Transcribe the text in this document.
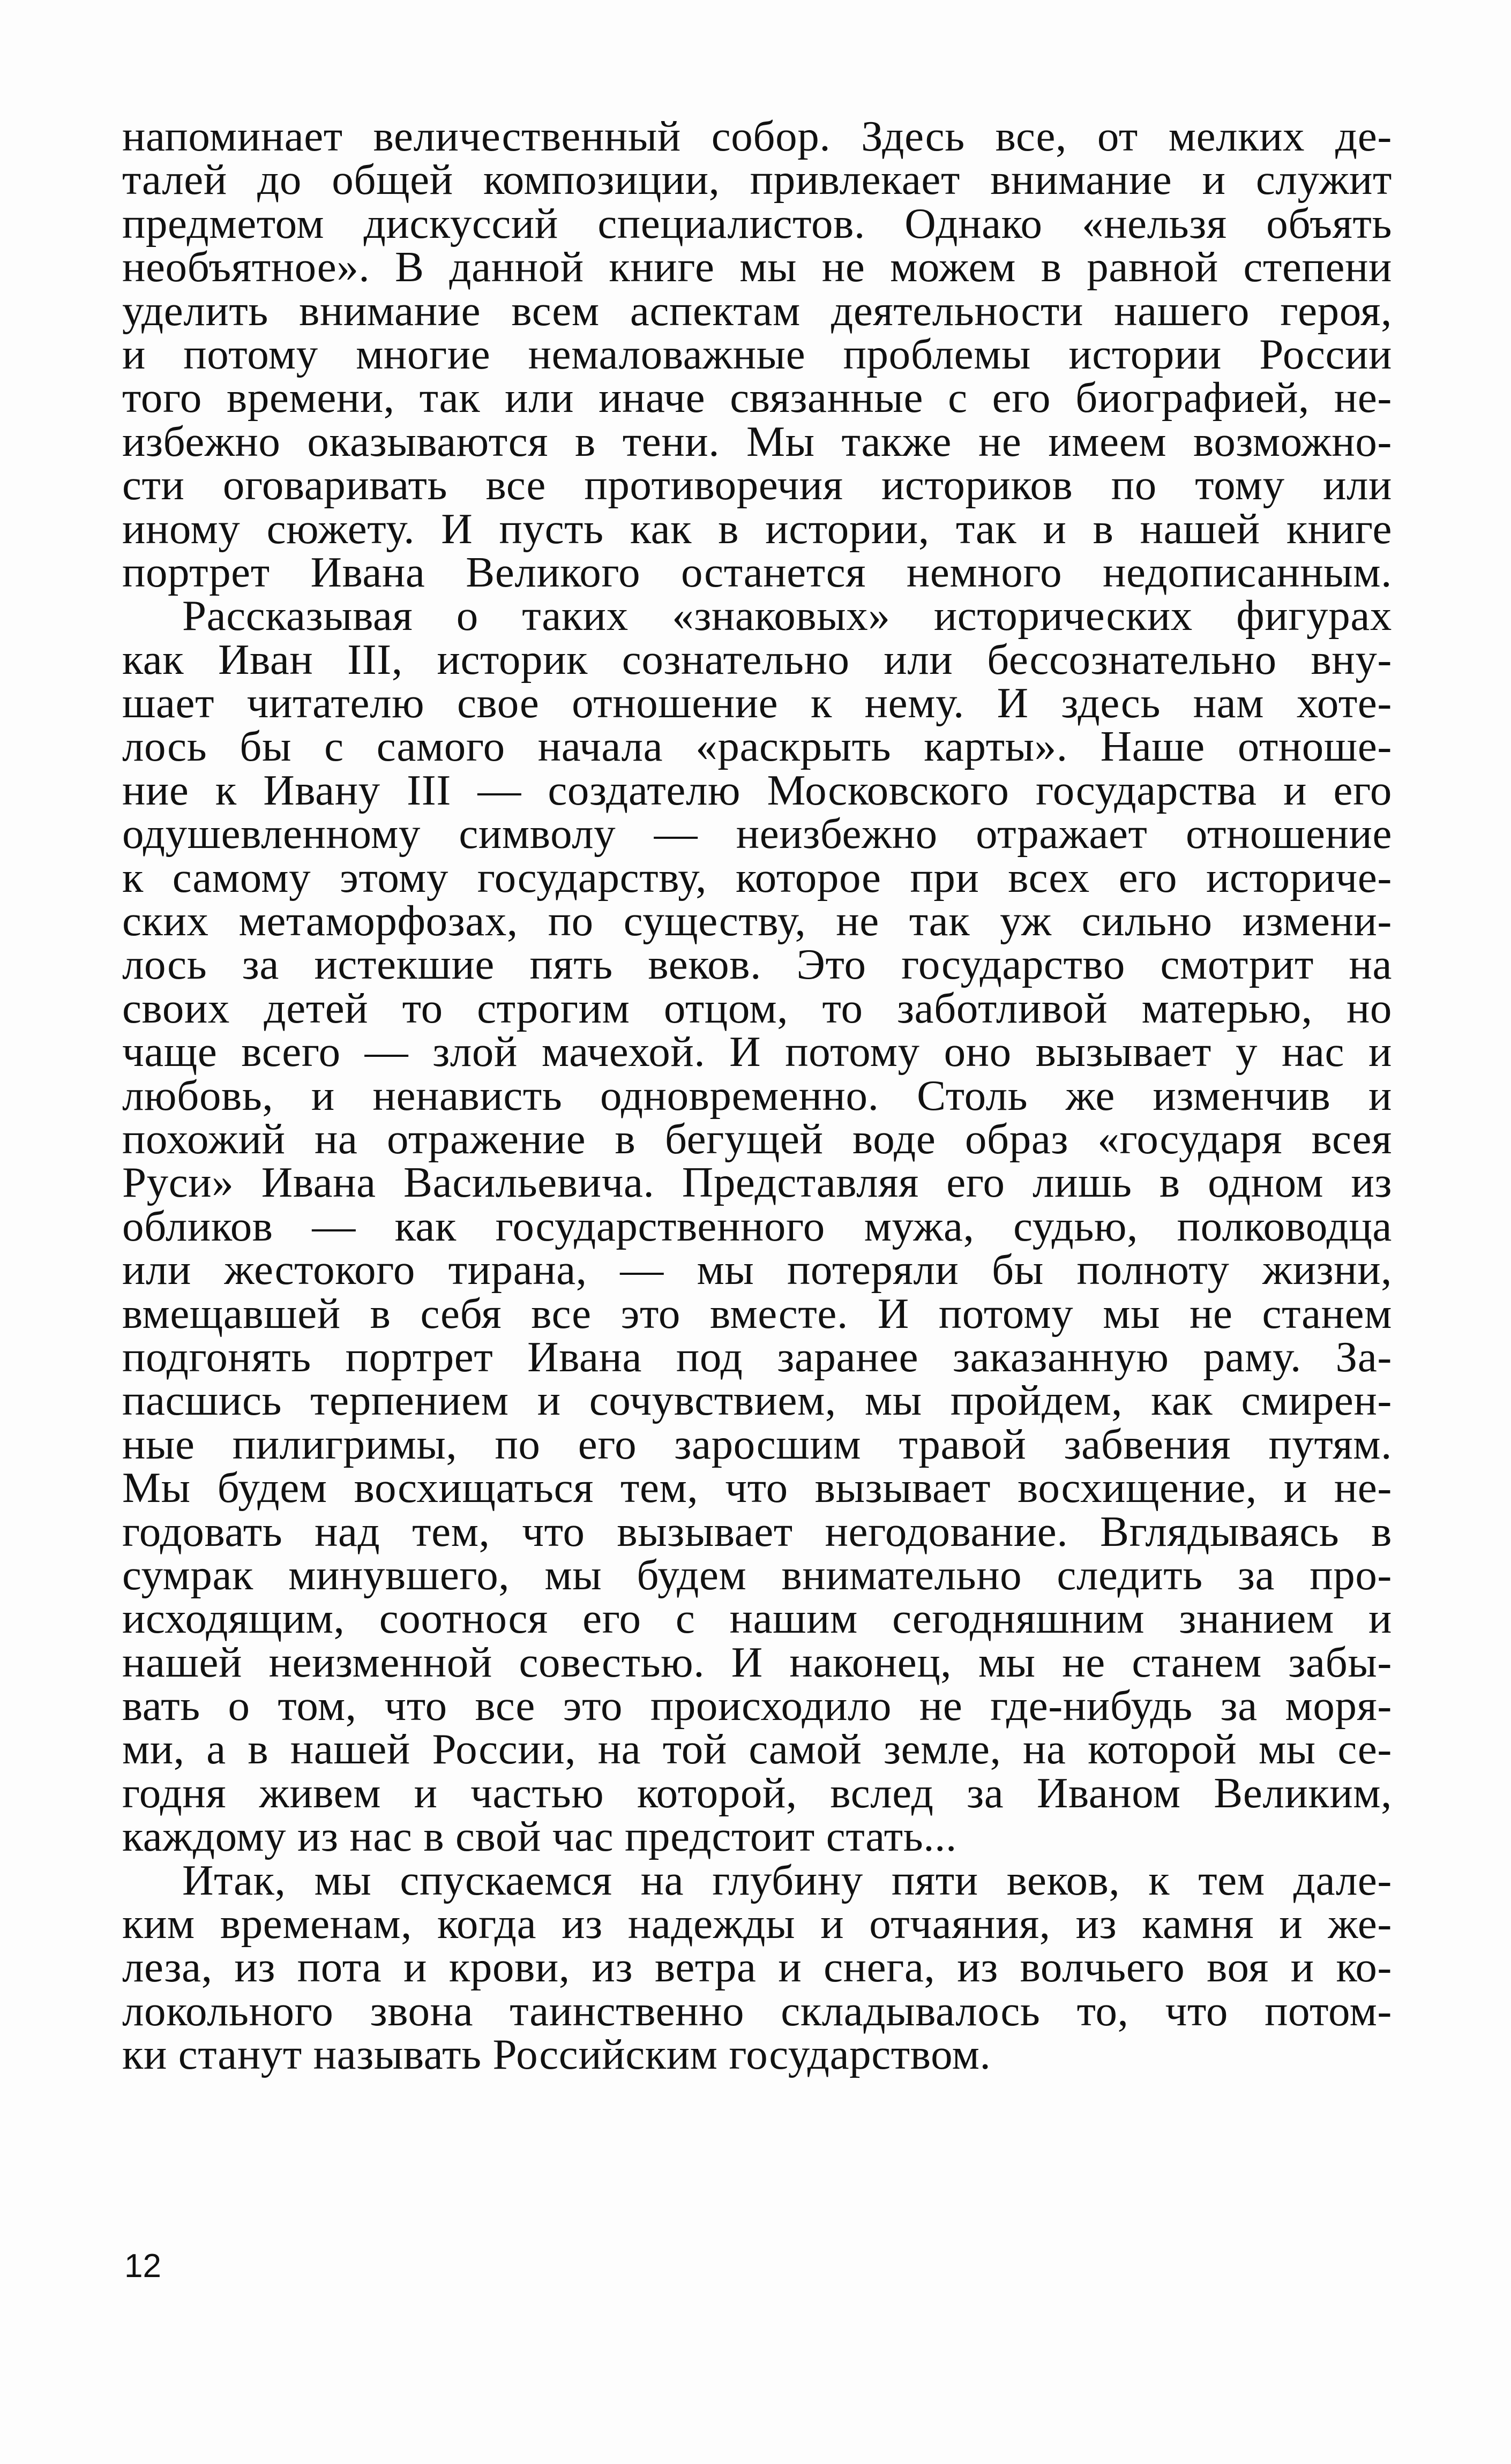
напоминает величественный собор. Здесь все, от мелких де-
талей до общей композиции, привлекает внимание и служит
предметом дискуссий специалистов. Однако «нельзя объять
необъятное». В данной книге мы не можем в равной степени
уделить внимание всем аспектам деятельности нашего героя,
и потому многие немаловажные проблемы истории России
того времени, так или иначе связанные с его биографией, не-
избежно оказываются в тени. Мы также не имеем возможно-
сти оговаривать все противоречия историков по тому или
иному сюжету. И пусть как в истории, так и в нашей книге
портрет Ивана Великого останется немного недописанным.
Рассказывая о таких «знаковых» исторических фигурах
как Иван III, историк сознательно или бессознательно вну-
шает читателю свое отношение к нему. И здесь нам хоте-
лось бы с самого начала «раскрыть карты». Наше отноше-
ние к Ивану III — создателю Московского государства и его
одушевленному символу — неизбежно отражает отношение
к самому этому государству, которое при всех его историче-
ских метаморфозах, по существу, не так уж сильно измени-
лось за истекшие пять веков. Это государство смотрит на
своих детей то строгим отцом, то заботливой матерью, но
чаще всего — злой мачехой. И потому оно вызывает у нас и
любовь, и ненависть одновременно. Столь же изменчив и
похожий на отражение в бегущей воде образ «государя всея
Руси» Ивана Васильевича. Представляя его лишь в одном из
обликов — как государственного мужа, судью, полководца
или жестокого тирана, — мы потеряли бы полноту жизни,
вмещавшей в себя все это вместе. И потому мы не станем
подгонять портрет Ивана под заранее заказанную раму. За-
пасшись терпением и сочувствием, мы пройдем, как смирен-
ные пилигримы, по его заросшим травой забвения путям.
Мы будем восхищаться тем, что вызывает восхищение, и не-
годовать над тем, что вызывает негодование. Вглядываясь в
сумрак минувшего, мы будем внимательно следить за про-
исходящим, соотнося его с нашим сегодняшним знанием и
нашей неизменной совестью. И наконец, мы не станем забы-
вать о том, что все это происходило не где-нибудь за моря-
ми, а в нашей России, на той самой земле, на которой мы се-
годня живем и частью которой, вслед за Иваном Великим,
каждому из нас в свой час предстоит стать...
Итак, мы спускаемся на глубину пяти веков, к тем дале-
ким временам, когда из надежды и отчаяния, из камня и же-
леза, из пота и крови, из ветра и снега, из волчьего воя и ко-
локольного звона таинственно складывалось то, что потом-
ки станут называть Российским государством.
12
